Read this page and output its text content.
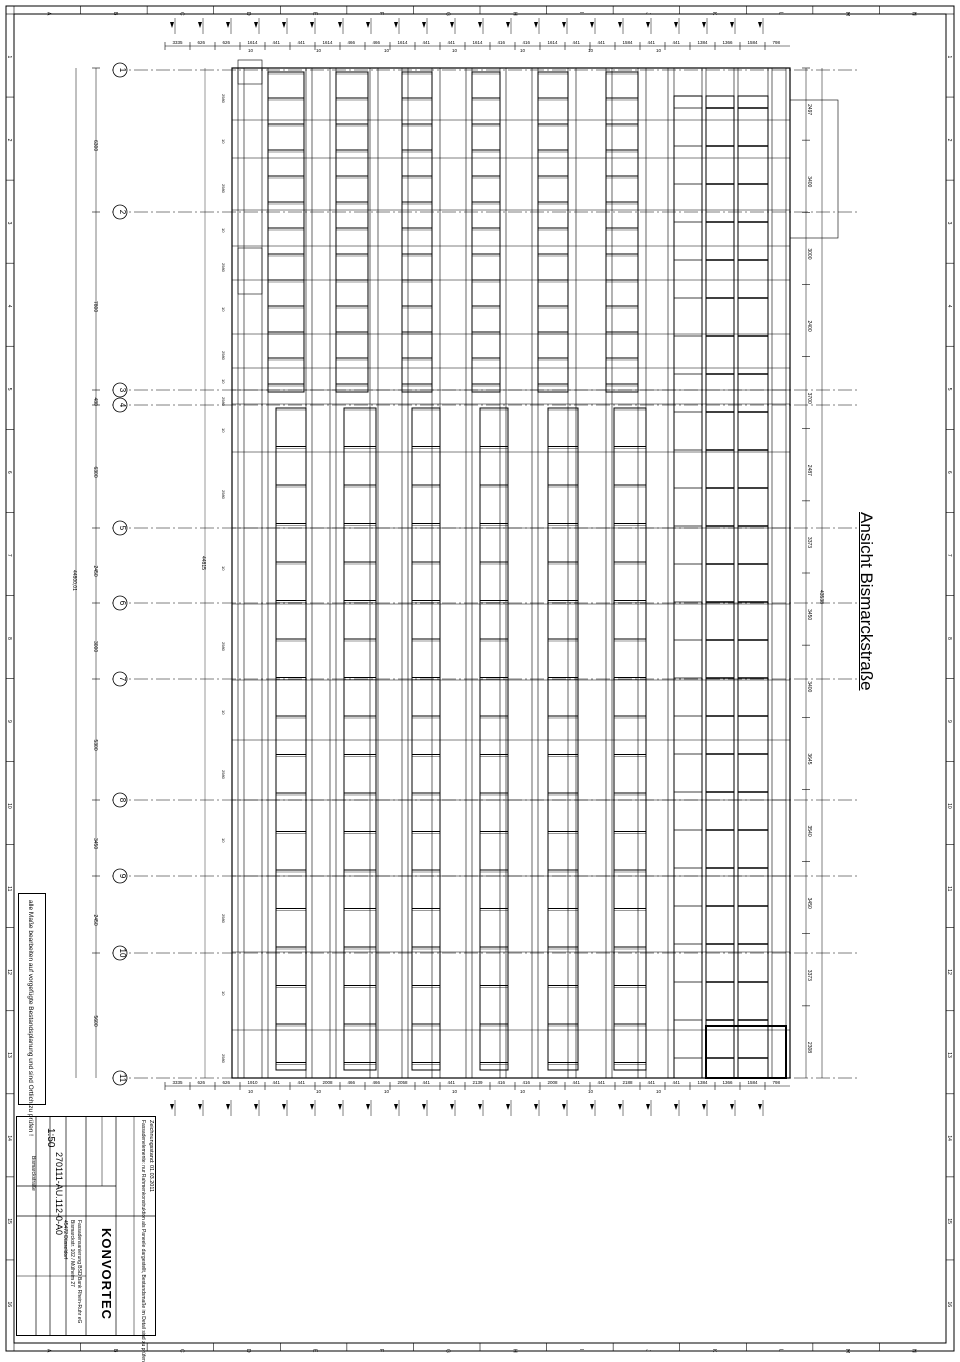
A
A
B
B
C
C
D
D
E
E
F
F
G
G
H
H
I
I
J
J
K
K
L
L
M
M
N
N
1	1
2	2
3	3
4	4
5	5
6	6
7	7
8	8
9	9
10	10
11	11
12	12
13	13
14	14
15	15
16	16
1
2
3
4
5
6
7
8
9
10
11
6300
7800
480
6300
2450
3000
5300
3450
2450
5600
44800,01
44815
2980
10
2980
10
2980
10
2980
10
2980
10
2980
10
2980
10
2980
10
2980
10
2980
2497
3400
3000
2400
3700
2487
3373
3450
3400
3645
3540
3450
3373
2308
43538
3335	626	626	1614	441	441	1614	466	466	1614	441	441	1614	416	416	1614	441	441	1584	441	441	1384	1366	1584	798
3335	626	626	1910	441	441	2008	466	466	2058	441	441	2139	416	416	2008	441	441	2188	441	441	1384	1366	1584	798
10
10
10
10
10
10
10
10
10
10
10
10
10
10
Ansicht Bismarckstraße
alle Maße bearbeiten auf vorgefügte Bestandsplanung und sind Ortlich zu prüfen !
1:50
270111-AU.112-0-A0
Bismarckstraße
KONVORTEC
Fassadensanierung BSD Bank Rhein-Ruhr eG
Bismarckstr. 102 / Mülheim 27
45472 Düsseldorf
Zeichnungsstand: 01.03.2011
Fassadenelemente: nur Rahmenkonstruktion als Paneele dargestellt, Bestandsmaße im Detail sind zu prüfen
